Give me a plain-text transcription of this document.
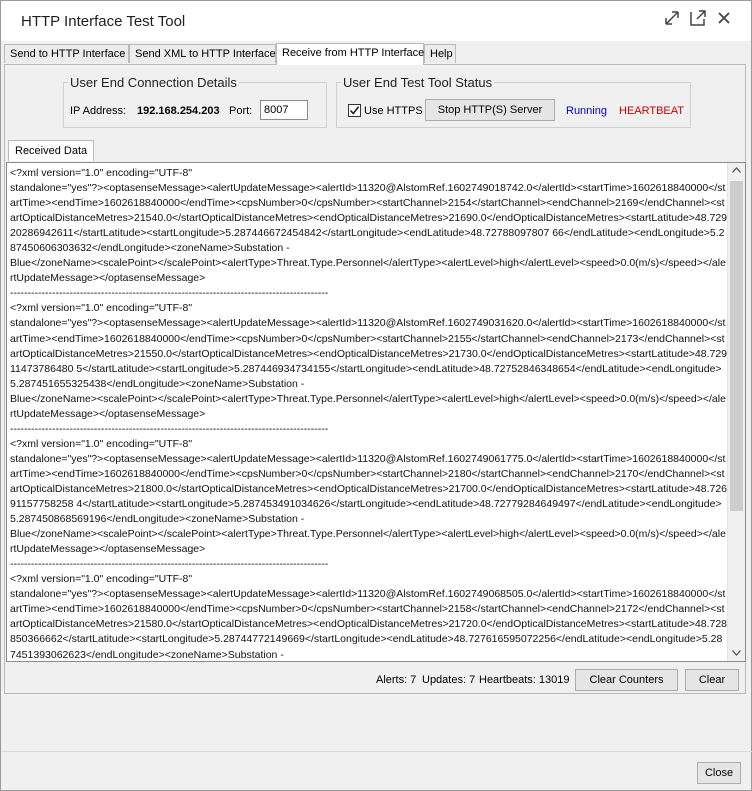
HTTP Interface Test Tool
Send to HTTP Interface Send XML to HTTP Interface Receive from HTTP Interface Help
User End Connection Details
IP Address: 192.168.254.203 Port:
8007
User End Test Tool Status
Use HTTPS	Stop HTTP(S) Server	Running HEARTBEAT
Received Data
<?xml version="1.0" encoding="UTF-8"
standalone="yes"?><optasenseMessage><alertUpdateMessage><alertId>11320@AlstomRef.1602749018742.0</alertId><startTime>1602618840000</startTime><endTime>1602618840000</endTime><cpsNumber>0</cpsNumber><startChannel>2154</startChannel><endChannel>2169</endChannel><startOpticalDistanceMetres>21540.0</startOpticalDistanceMetres><endOpticalDistanceMetres>21690.0</endOpticalDistanceMetres><startLatitude>48.72920286942611</startLatitude><startLongitude>5.287446672454842</startLongitude><endLatitude>48.72788097807 66</endLatitude><endLongitude>5.287450606303632</endLongitude><zoneName>Substation -
Blue</zoneName><scalePoint></scalePoint><alertType>Threat.Type.Personnel</alertType><alertLevel>high</alertLevel><speed>0.0(m/s)</speed></alertUpdateMessage></optasenseMessage>
-------------------------------------------------------------------------------------------
<?xml version="1.0" encoding="UTF-8"
standalone="yes"?><optasenseMessage><alertUpdateMessage><alertId>11320@AlstomRef.1602749031620.0</alertId><startTime>1602618840000</startTime><endTime>1602618840000</endTime><cpsNumber>0</cpsNumber><startChannel>2155</startChannel><endChannel>2173</endChannel><startOpticalDistanceMetres>21550.0</startOpticalDistanceMetres><endOpticalDistanceMetres>21730.0</endOpticalDistanceMetres><startLatitude>48.72911473786480 5</startLatitude><startLongitude>5.287446934734155</startLongitude><endLatitude>48.72752846348654</endLatitude><endLongitude>5.287451655325438</endLongitude><zoneName>Substation -
Blue</zoneName><scalePoint></scalePoint><alertType>Threat.Type.Personnel</alertType><alertLevel>high</alertLevel><speed>0.0(m/s)</speed></alertUpdateMessage></optasenseMessage>
-------------------------------------------------------------------------------------------
<?xml version="1.0" encoding="UTF-8"
standalone="yes"?><optasenseMessage><alertUpdateMessage><alertId>11320@AlstomRef.1602749061775.0</alertId><startTime>1602618840000</startTime><endTime>1602618840000</endTime><cpsNumber>0</cpsNumber><startChannel>2180</startChannel><endChannel>2170</endChannel><startOpticalDistanceMetres>21800.0</startOpticalDistanceMetres><endOpticalDistanceMetres>21700.0</endOpticalDistanceMetres><startLatitude>48.72691157758258 4</startLatitude><startLongitude>5.287453491034626</startLongitude><endLatitude>48.72779284649497</endLatitude><endLongitude>5.287450868569196</endLongitude><zoneName>Substation -
Blue</zoneName><scalePoint></scalePoint><alertType>Threat.Type.Personnel</alertType><alertLevel>high</alertLevel><speed>0.0(m/s)</speed></alertUpdateMessage></optasenseMessage>
-------------------------------------------------------------------------------------------
<?xml version="1.0" encoding="UTF-8"
standalone="yes"?><optasenseMessage><alertUpdateMessage><alertId>11320@AlstomRef.1602749068505.0</alertId><startTime>1602618840000</startTime><endTime>1602618840000</endTime><cpsNumber>0</cpsNumber><startChannel>2158</startChannel><endChannel>2172</endChannel><startOpticalDistanceMetres>21580.0</startOpticalDistanceMetres><endOpticalDistanceMetres>21720.0</endOpticalDistanceMetres><startLatitude>48.728850366662</startLatitude><startLongitude>5.28744772149669</startLongitude><endLatitude>48.727616595072256</endLatitude><endLongitude>5.287451393062623</endLongitude><zoneName>Substation -
Alerts: 7 Updates: 7 Heartbeats: 13019	Clear Counters	Clear
Close
